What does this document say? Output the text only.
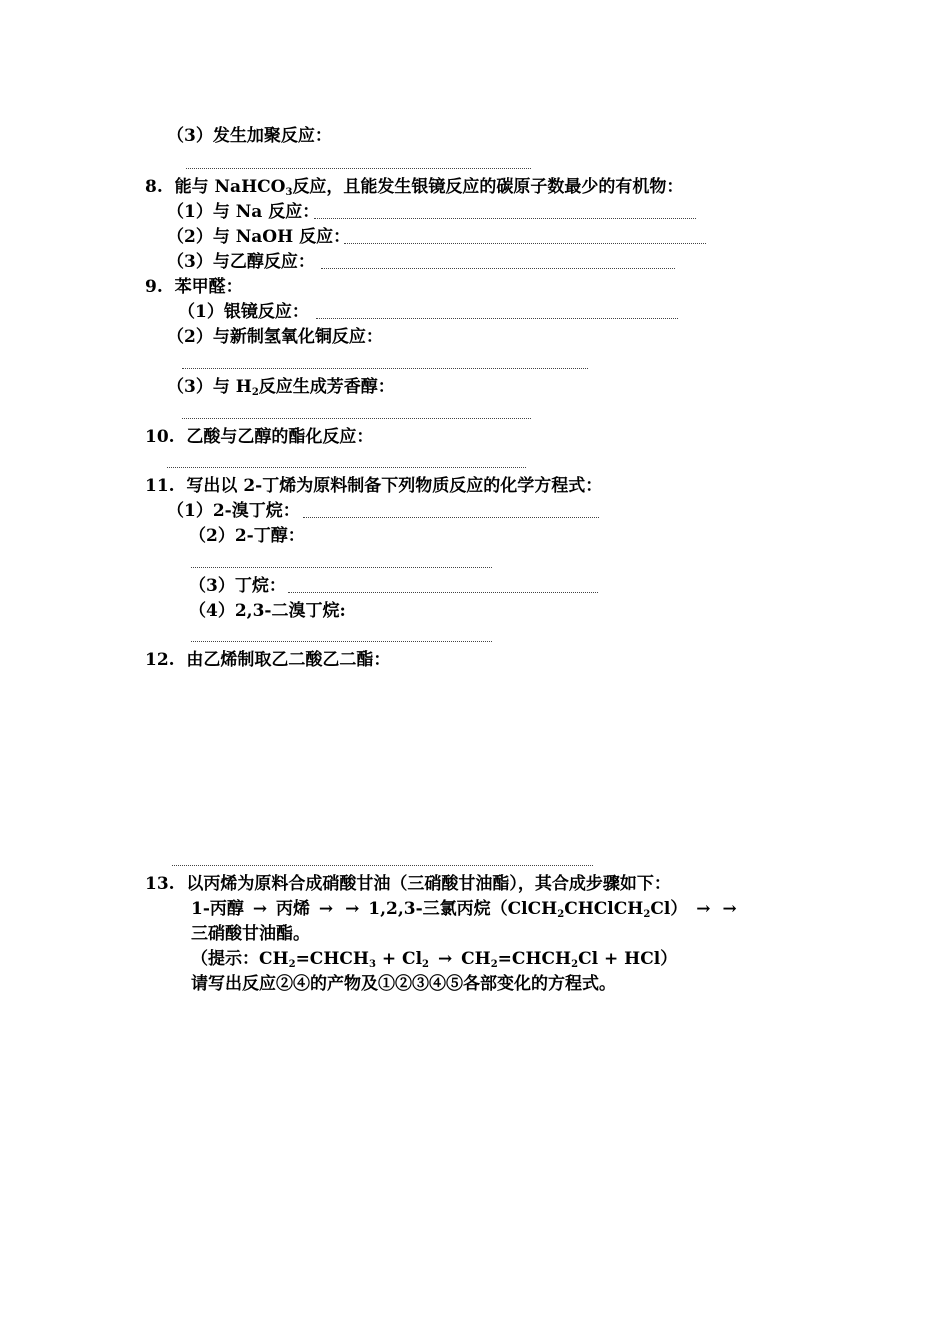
（3）发生加聚反应：
8. 能与 NaHCO$_3$反应，且能发生银镜反应的碳原子数最少的有机物：
（1）与 Na 反应：
（2）与 NaOH 反应：
（3）与乙醇反应：
9. 苯甲醛：
（1）银镜反应：
（2）与新制氢氧化铜反应：
（3）与 $H_2$反应生成芳香醇：
10. 乙酸与乙醇的酯化反应：
11. 写出以 2-丁烯为原料制备下列物质反应的化学方程式：
（1）2-溴丁烷：
（2）2-丁醇：
（3）丁烷：
（4）2,3-二溴丁烷:
12. 由乙烯制取乙二酸乙二酯：
13. 以丙烯为原料合成硝酸甘油（三硝酸甘油酯），其合成步骤如下：
1-丙醇 → 丙烯 → → 1,2,3-三氯丙烷（ClCH$_2$CHClCH$_2$Cl） → →
三硝酸甘油酯。
（提示：$CH_2=CHCH_3 + Cl_2$ → $CH_2=CHCH_2Cl + HCl$）
请写出反应②④的产物及①②③④⑤各部变化的方程式。
